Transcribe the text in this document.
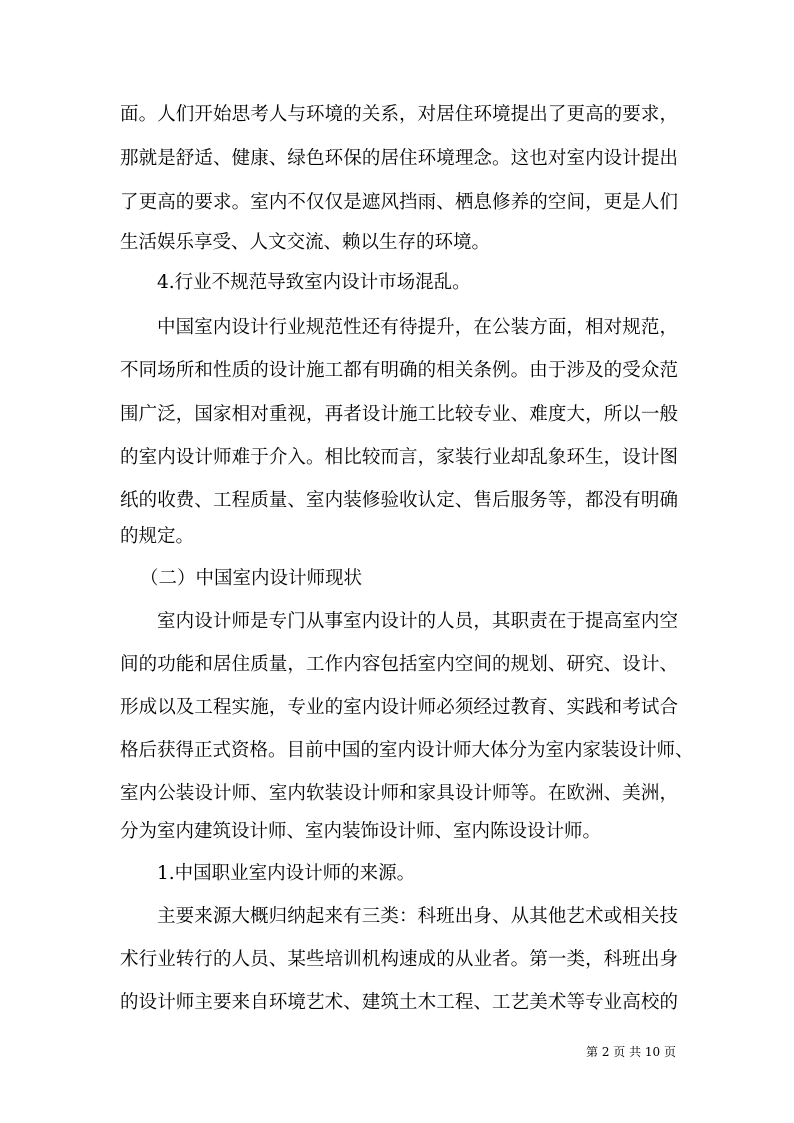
面。人们开始思考人与环境的关系，对居住环境提出了更高的要求，
那就是舒适、健康、绿色环保的居住环境理念。这也对室内设计提出
了更高的要求。室内不仅仅是遮风挡雨、栖息修养的空间，更是人们
生活娱乐享受、人文交流、赖以生存的环境。
4.行业不规范导致室内设计市场混乱。
中国室内设计行业规范性还有待提升，在公装方面，相对规范，
不同场所和性质的设计施工都有明确的相关条例。由于涉及的受众范
围广泛，国家相对重视，再者设计施工比较专业、难度大，所以一般
的室内设计师难于介入。相比较而言，家装行业却乱象环生，设计图
纸的收费、工程质量、室内装修验收认定、售后服务等，都没有明确
的规定。
（二）中国室内设计师现状
室内设计师是专门从事室内设计的人员，其职责在于提高室内空
间的功能和居住质量，工作内容包括室内空间的规划、研究、设计、
形成以及工程实施，专业的室内设计师必须经过教育、实践和考试合
格后获得正式资格。目前中国的室内设计师大体分为室内家装设计师、
室内公装设计师、室内软装设计师和家具设计师等。在欧洲、美洲，
分为室内建筑设计师、室内装饰设计师、室内陈设设计师。
1.中国职业室内设计师的来源。
主要来源大概归纳起来有三类：科班出身、从其他艺术或相关技
术行业转行的人员、某些培训机构速成的从业者。第一类，科班出身
的设计师主要来自环境艺术、建筑土木工程、工艺美术等专业高校的
第 2 页 共 10 页
